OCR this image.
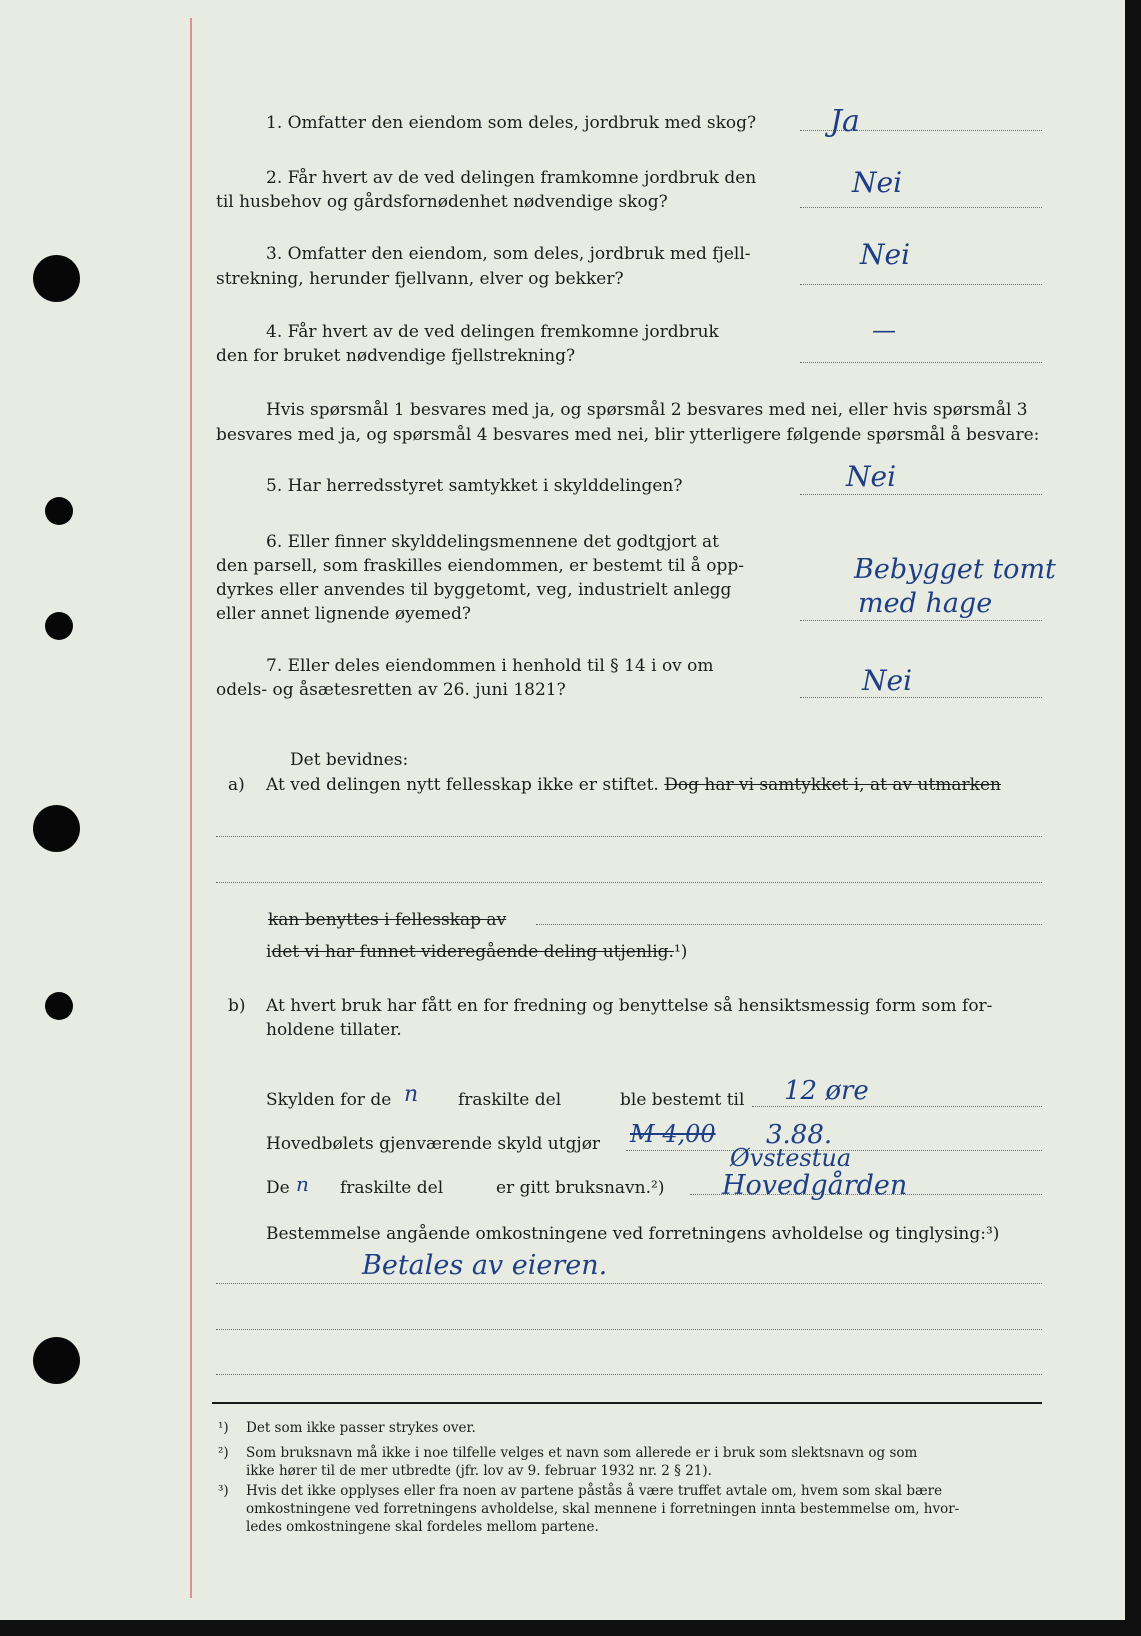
1. Omfatter den eiendom som deles, jordbruk med skog? Ja
2. Får hvert av de ved delingen framkomne jordbruk den
til husbehov og gårdsfornødenhet nødvendige skog?
Nei
3. Omfatter den eiendom, som deles, jordbruk med fjell-
strekning, herunder fjellvann, elver og bekker?
Nei
4. Får hvert av de ved delingen fremkomne jordbruk
den for bruket nødvendige fjellstrekning?
—
Hvis spørsmål 1 besvares med ja, og spørsmål 2 besvares med nei, eller hvis spørsmål 3
besvares med ja, og spørsmål 4 besvares med nei, blir ytterligere følgende spørsmål å besvare:
5. Har herredsstyret samtykket i skylddelingen?	Nei
6. Eller finner skylddelingsmennene det godtgjort at
den parsell, som fraskilles eiendommen, er bestemt til å opp-
dyrkes eller anvendes til byggetomt, veg, industrielt anlegg
eller annet lignende øyemed?
Bebygget tomt
med hage
7. Eller deles eiendommen i henhold til § 14 i ov om
odels- og åsætesretten av 26. juni 1821?	Nei
Det bevidnes:
a) At ved delingen nytt fellesskap ikke er stiftet. Dog har vi samtykket i, at av utmarken
kan benyttes i fellesskap av
idet vi har funnet videregående deling utjenlig.¹)
b) At hvert bruk har fått en for fredning og benyttelse så hensiktsmessig form som for-
holdene tillater.
Skylden for de n fraskilte del	ble bestemt til 12 øre
Hovedbølets gjenværende skyld utgjør M 4,00 3.88.
De n fraskilte del	er gitt bruksnavn.²)
Øvstestua
Hovedgården
Bestemmelse angående omkostningene ved forretningens avholdelse og tinglysing:³)
Betales av eieren.
¹) Det som ikke passer strykes over.
²) Som bruksnavn må ikke i noe tilfelle velges et navn som allerede er i bruk som slektsnavn og som
ikke hører til de mer utbredte (jfr. lov av 9. februar 1932 nr. 2 § 21).
³) Hvis det ikke opplyses eller fra noen av partene påstås å være truffet avtale om, hvem som skal bære
omkostningene ved forretningens avholdelse, skal mennene i forretningen innta bestemmelse om, hvor-
ledes omkostningene skal fordeles mellom partene.
